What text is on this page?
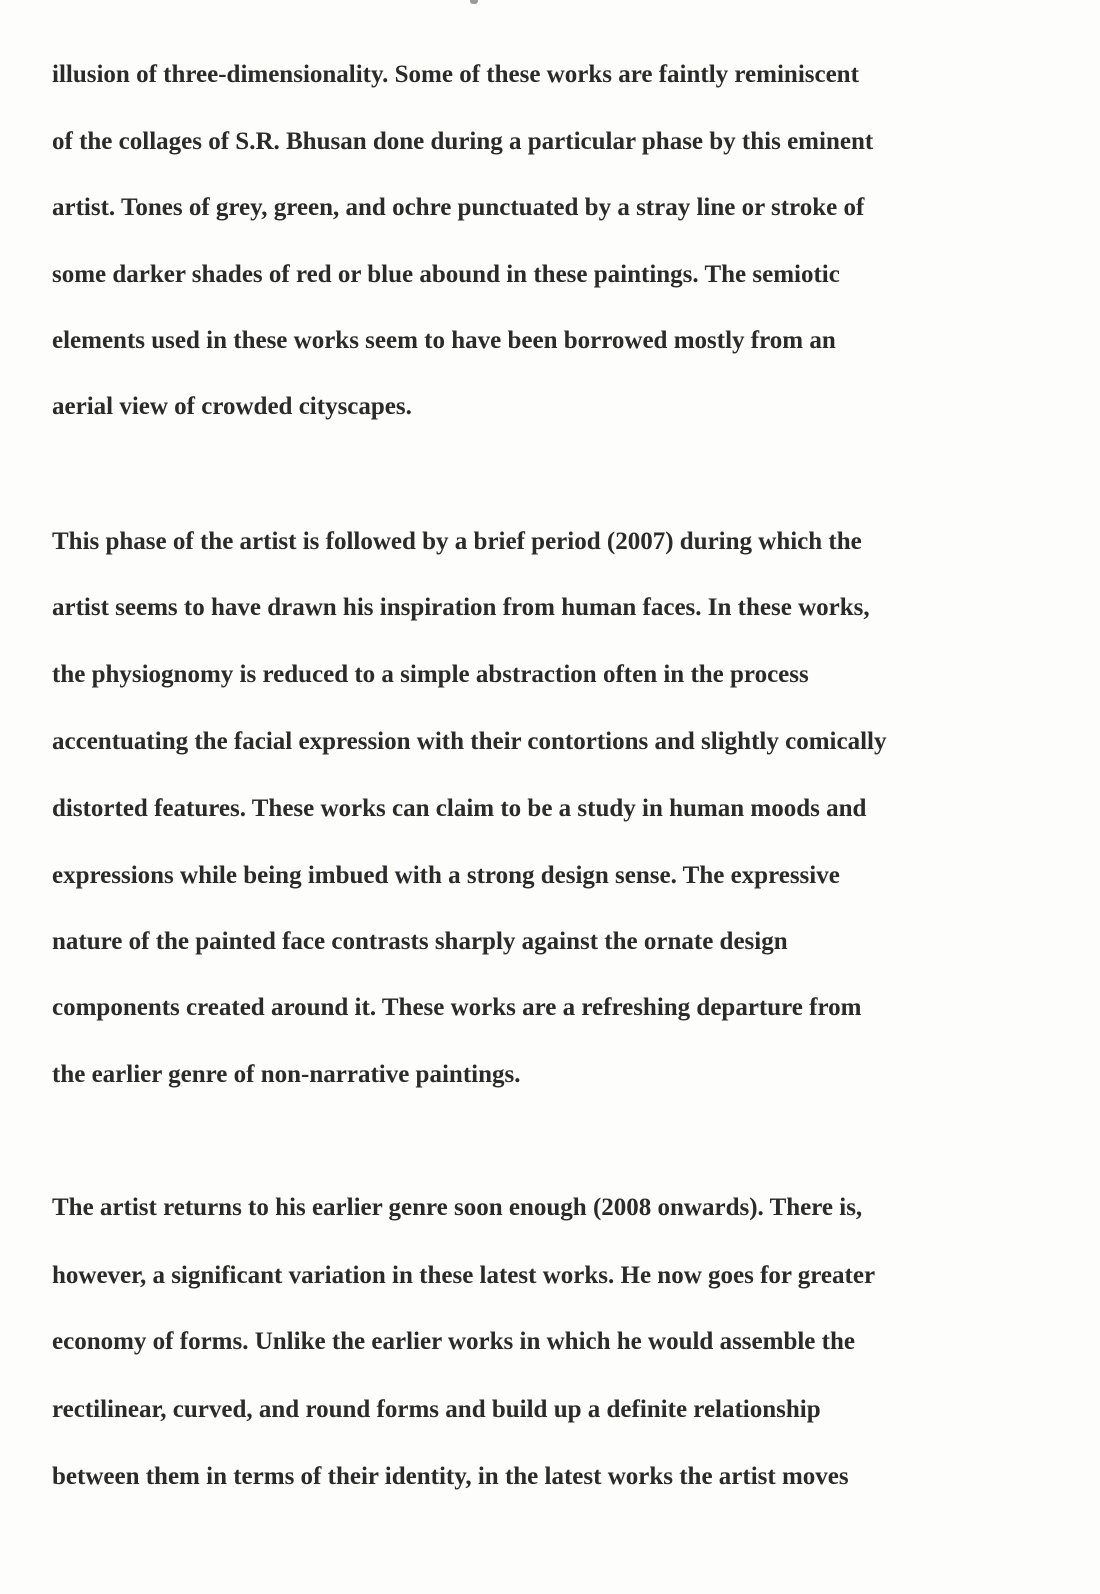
illusion of three-dimensionality. Some of these works are faintly reminiscent

of the collages of S.R. Bhusan done during a particular phase by this eminent

artist. Tones of grey, green, and ochre punctuated by a stray line or stroke of

some darker shades of red or blue abound in these paintings. The semiotic

elements used in these works seem to have been borrowed mostly from an

aerial view of crowded cityscapes.

This phase of the artist is followed by a brief period (2007) during which the

artist seems to have drawn his inspiration from human faces. In these works,

the physiognomy is reduced to a simple abstraction often in the process

accentuating the facial expression with their contortions and slightly comically

distorted features. These works can claim to be a study in human moods and

expressions while being imbued with a strong design sense. The expressive

nature of the painted face contrasts sharply against the ornate design

components created around it. These works are a refreshing departure from

the earlier genre of non-narrative paintings.

The artist returns to his earlier genre soon enough (2008 onwards). There is,

however, a significant variation in these latest works. He now goes for greater

economy of forms. Unlike the earlier works in which he would assemble the

rectilinear, curved, and round forms and build up a definite relationship

between them in terms of their identity, in the latest works the artist moves
